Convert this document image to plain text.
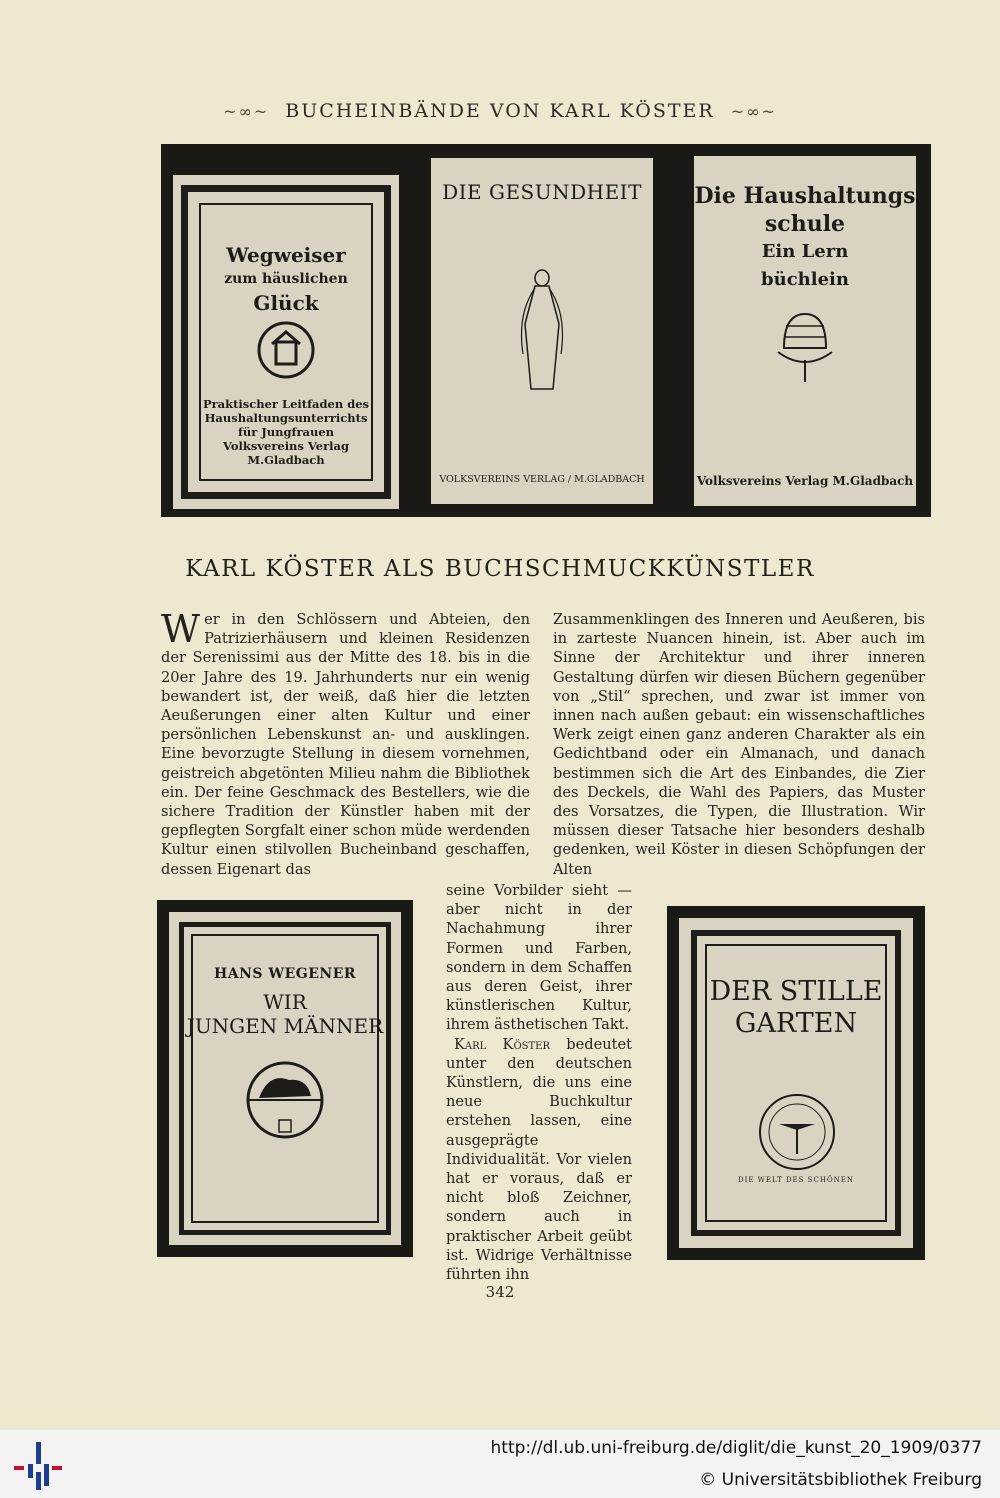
~∞~ BUCHEINBÄNDE VON KARL KÖSTER ~∞~
Wegweiser
zum häuslichen
Glück
Praktischer Leitfaden des
Haushaltungsunterrichts
für Jungfrauen
Volksvereins Verlag
M.Gladbach
DIE GESUNDHEIT
VOLKSVEREINS VERLAG / M.GLADBACH
Die Haushaltungs
schule
Ein Lern
büchlein
Volksvereins Verlag M.Gladbach
KARL KÖSTER ALS BUCHSCHMUCKKÜNSTLER

Wer in den Schlössern und Abteien, den Patrizierhäusern und kleinen Residenzen der Serenissimi aus der Mitte des 18. bis in die 20er Jahre des 19. Jahrhunderts nur ein wenig bewandert ist, der weiß, daß hier die letzten Aeußerungen einer alten Kultur und einer persönlichen Lebenskunst an- und ausklingen. Eine bevorzugte Stellung in diesem vornehmen, geistreich abgetönten Milieu nahm die Bibliothek ein. Der feine Geschmack des Bestellers, wie die sichere Tradition der Künstler haben mit der gepflegten Sorgfalt einer schon müde werdenden Kultur einen stilvollen Bucheinband geschaffen, dessen Eigenart das

Zusammenklingen des Inneren und Aeußeren, bis in zarteste Nuancen hinein, ist. Aber auch im Sinne der Architektur und ihrer inneren Gestaltung dürfen wir diesen Büchern gegenüber von „Stil“ sprechen, und zwar ist immer von innen nach außen gebaut: ein wissenschaftliches Werk zeigt einen ganz anderen Charakter als ein Gedichtband oder ein Almanach, und danach bestimmen sich die Art des Einbandes, die Zier des Deckels, die Wahl des Papiers, das Muster des Vorsatzes, die Typen, die Illustration. Wir müssen dieser Tatsache hier besonders deshalb gedenken, weil Köster in diesen Schöpfungen der Alten

seine Vorbilder sieht — aber nicht in der Nachahmung ihrer Formen und Farben, sondern in dem Schaffen aus deren Geist, ihrer künstlerischen Kultur, ihrem ästhetischen Takt.

Karl Köster bedeutet unter den deutschen Künstlern, die uns eine neue Buchkultur erstehen lassen, eine ausgeprägte Individualität. Vor vielen hat er voraus, daß er nicht bloß Zeichner, sondern auch in praktischer Arbeit geübt ist. Widrige Verhältnisse führten ihn

HANS WEGENER
WIR
JUNGEN MÄNNER
DER STILLE
GARTEN
DIE WELT DES SCHÖNEN
342
http://dl.ub.uni-freiburg.de/diglit/die_kunst_20_1909/0377
© Universitätsbibliothek Freiburg
